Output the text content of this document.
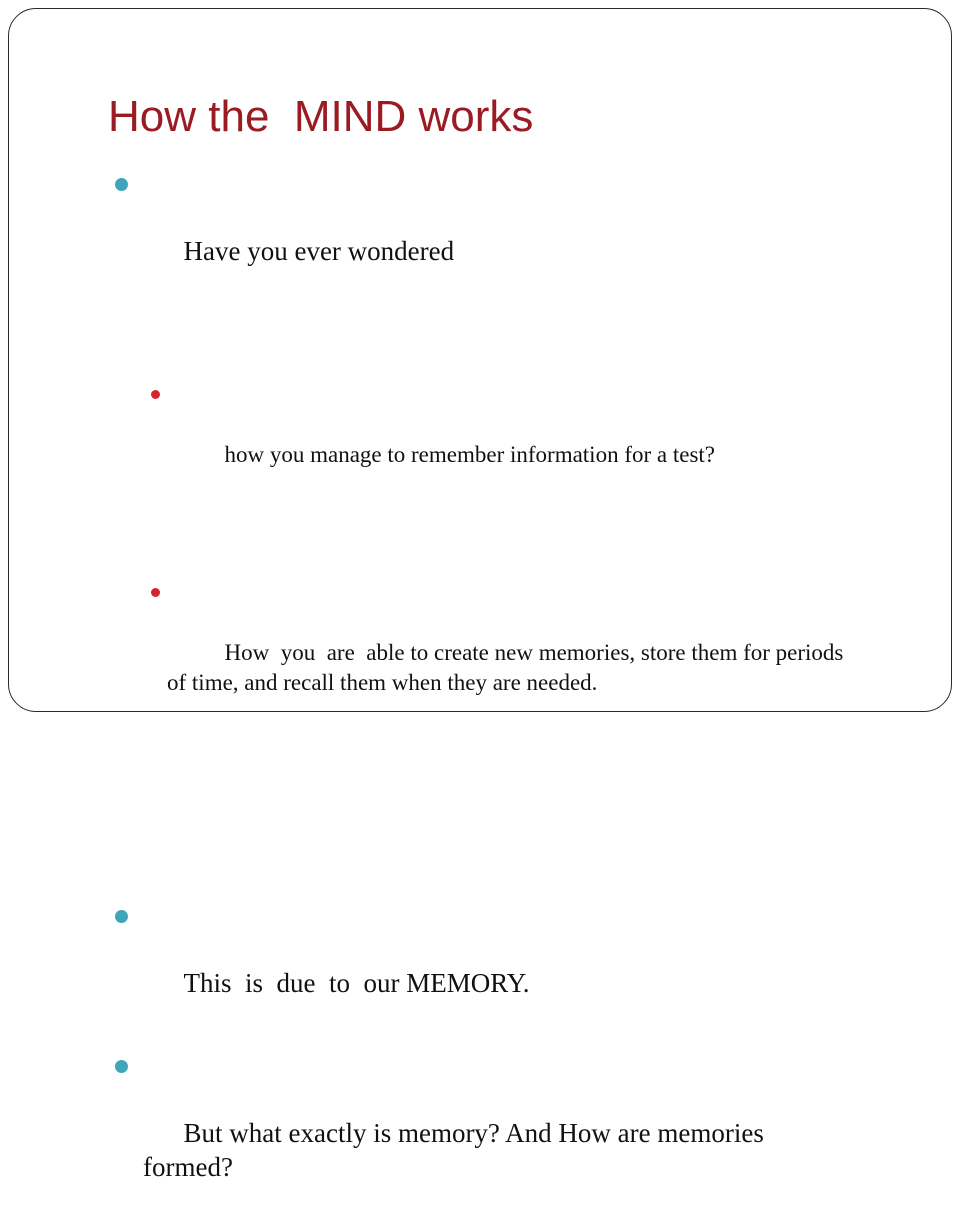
How the  MIND works

Have you ever wondered

how you manage to remember information for a test?

How  you  are  able to create new memories, store them for periods of time, and recall them when they are needed.

This  is  due  to  our MEMORY.

But what exactly is memory? And How are memories formed?
